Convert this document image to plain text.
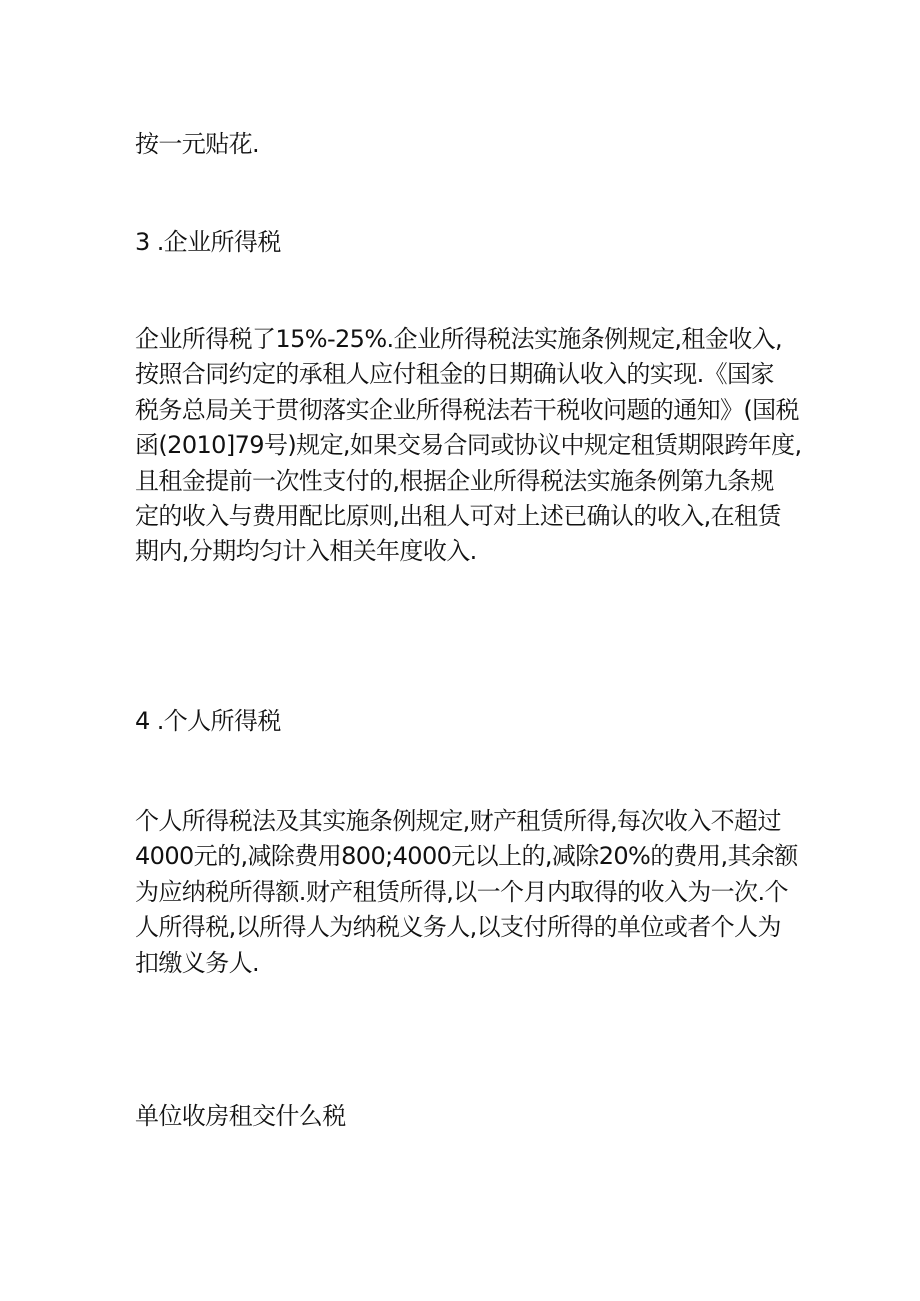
按一元贴花.

3 .企业所得税

企业所得税了15%-25%.企业所得税法实施条例规定,租金收入,
按照合同约定的承租人应付租金的日期确认收入的实现.《国家
税务总局关于贯彻落实企业所得税法若干税收问题的通知》(国税
函(2010]79号)规定,如果交易合同或协议中规定租赁期限跨年度,
且租金提前一次性支付的,根据企业所得税法实施条例第九条规
定的收入与费用配比原则,出租人可对上述已确认的收入,在租赁
期内,分期均匀计入相关年度收入.

4 .个人所得税

个人所得税法及其实施条例规定,财产租赁所得,每次收入不超过
4000元的,减除费用800;4000元以上的,减除20%的费用,其余额
为应纳税所得额.财产租赁所得,以一个月内取得的收入为一次.个
人所得税,以所得人为纳税义务人,以支付所得的单位或者个人为
扣缴义务人.

单位收房租交什么税
